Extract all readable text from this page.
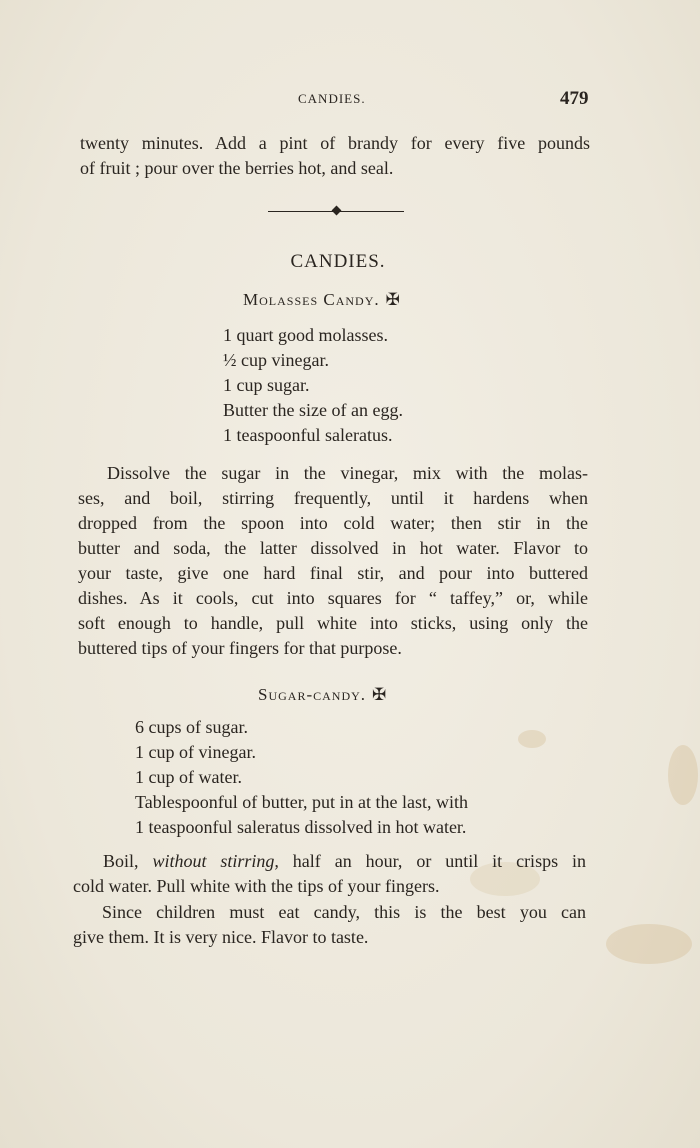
CANDIES.	479

twenty minutes. Add a pint of brandy for every five pounds

of fruit ; pour over the berries hot, and seal.

CANDIES.
Molasses Candy. ✠
1 quart good molasses.
½ cup vinegar.
1 cup sugar.
Butter the size of an egg.
1 teaspoonful saleratus.

Dissolve the sugar in the vinegar, mix with the molas-

ses, and boil, stirring frequently, until it hardens when

dropped from the spoon into cold water; then stir in the

butter and soda, the latter dissolved in hot water. Flavor to

your taste, give one hard final stir, and pour into buttered

dishes. As it cools, cut into squares for “ taffey,” or, while

soft enough to handle, pull white into sticks, using only the

buttered tips of your fingers for that purpose.

Sugar-candy. ✠
6 cups of sugar.
1 cup of vinegar.
1 cup of water.
Tablespoonful of butter, put in at the last, with
1 teaspoonful saleratus dissolved in hot water.

Boil, without stirring, half an hour, or until it crisps in

cold water. Pull white with the tips of your fingers.

Since children must eat candy, this is the best you can

give them. It is very nice. Flavor to taste.
